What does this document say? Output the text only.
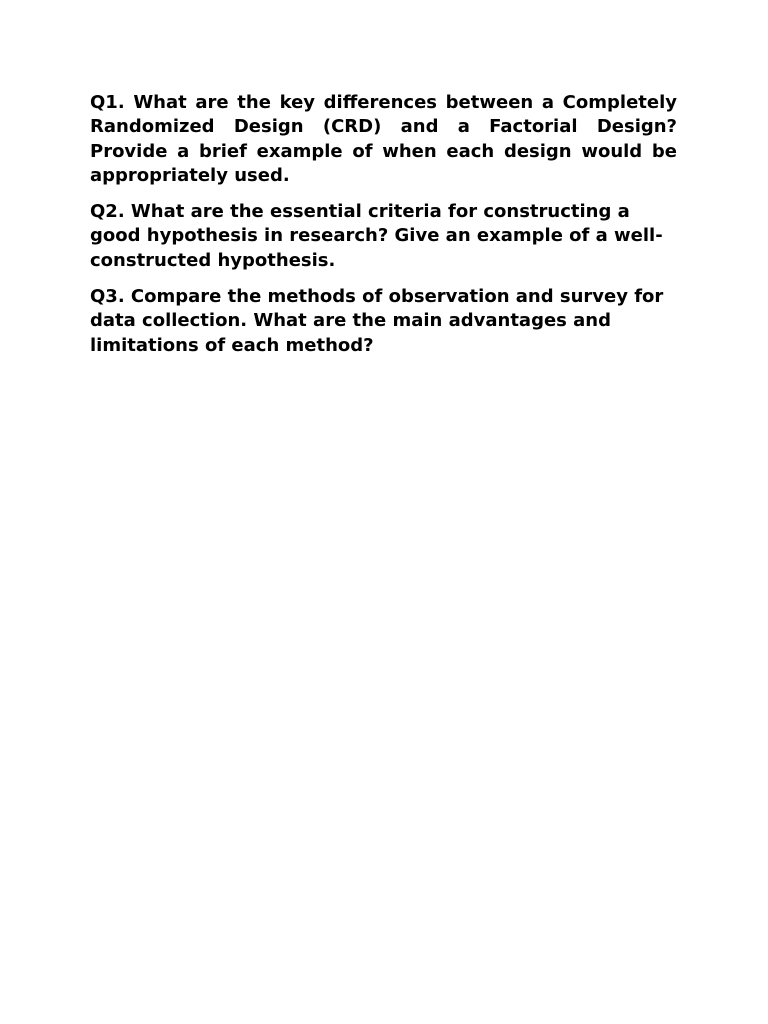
Q1. What are the key differences between a Completely Randomized Design (CRD) and a Factorial Design? Provide a brief example of when each design would be appropriately used.

Q2. What are the essential criteria for constructing a good hypothesis in research? Give an example of a well-constructed hypothesis.

Q3. Compare the methods of observation and survey for data collection. What are the main advantages and limitations of each method?
